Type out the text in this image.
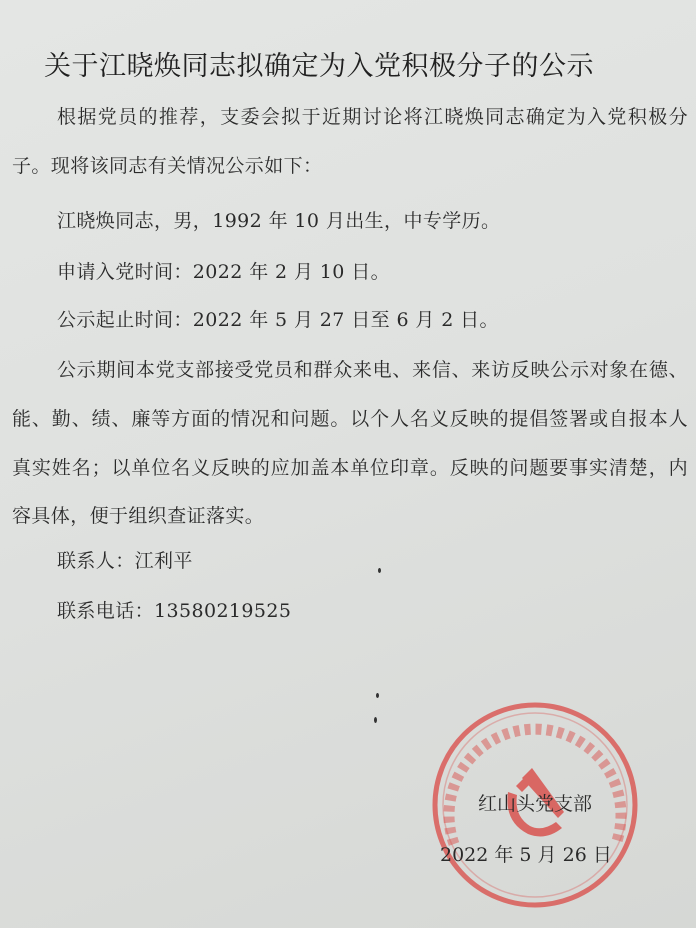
关于江晓焕同志拟确定为入党积极分子的公示
根据党员的推荐，支委会拟于近期讨论将江晓焕同志确定为入党积极分子。现将该同志有关情况公示如下：
江晓焕同志，男，1992 年 10 月出生，中专学历。
申请入党时间：2022 年 2 月 10 日。
公示起止时间：2022 年 5 月 27 日至 6 月 2 日。
公示期间本党支部接受党员和群众来电、来信、来访反映公示对象在德、能、勤、绩、廉等方面的情况和问题。以个人名义反映的提倡签署或自报本人真实姓名；以单位名义反映的应加盖本单位印章。反映的问题要事实清楚，内容具体，便于组织查证落实。
联系人：江利平
联系电话：13580219525
红山头党支部
2022 年 5 月 26 日
